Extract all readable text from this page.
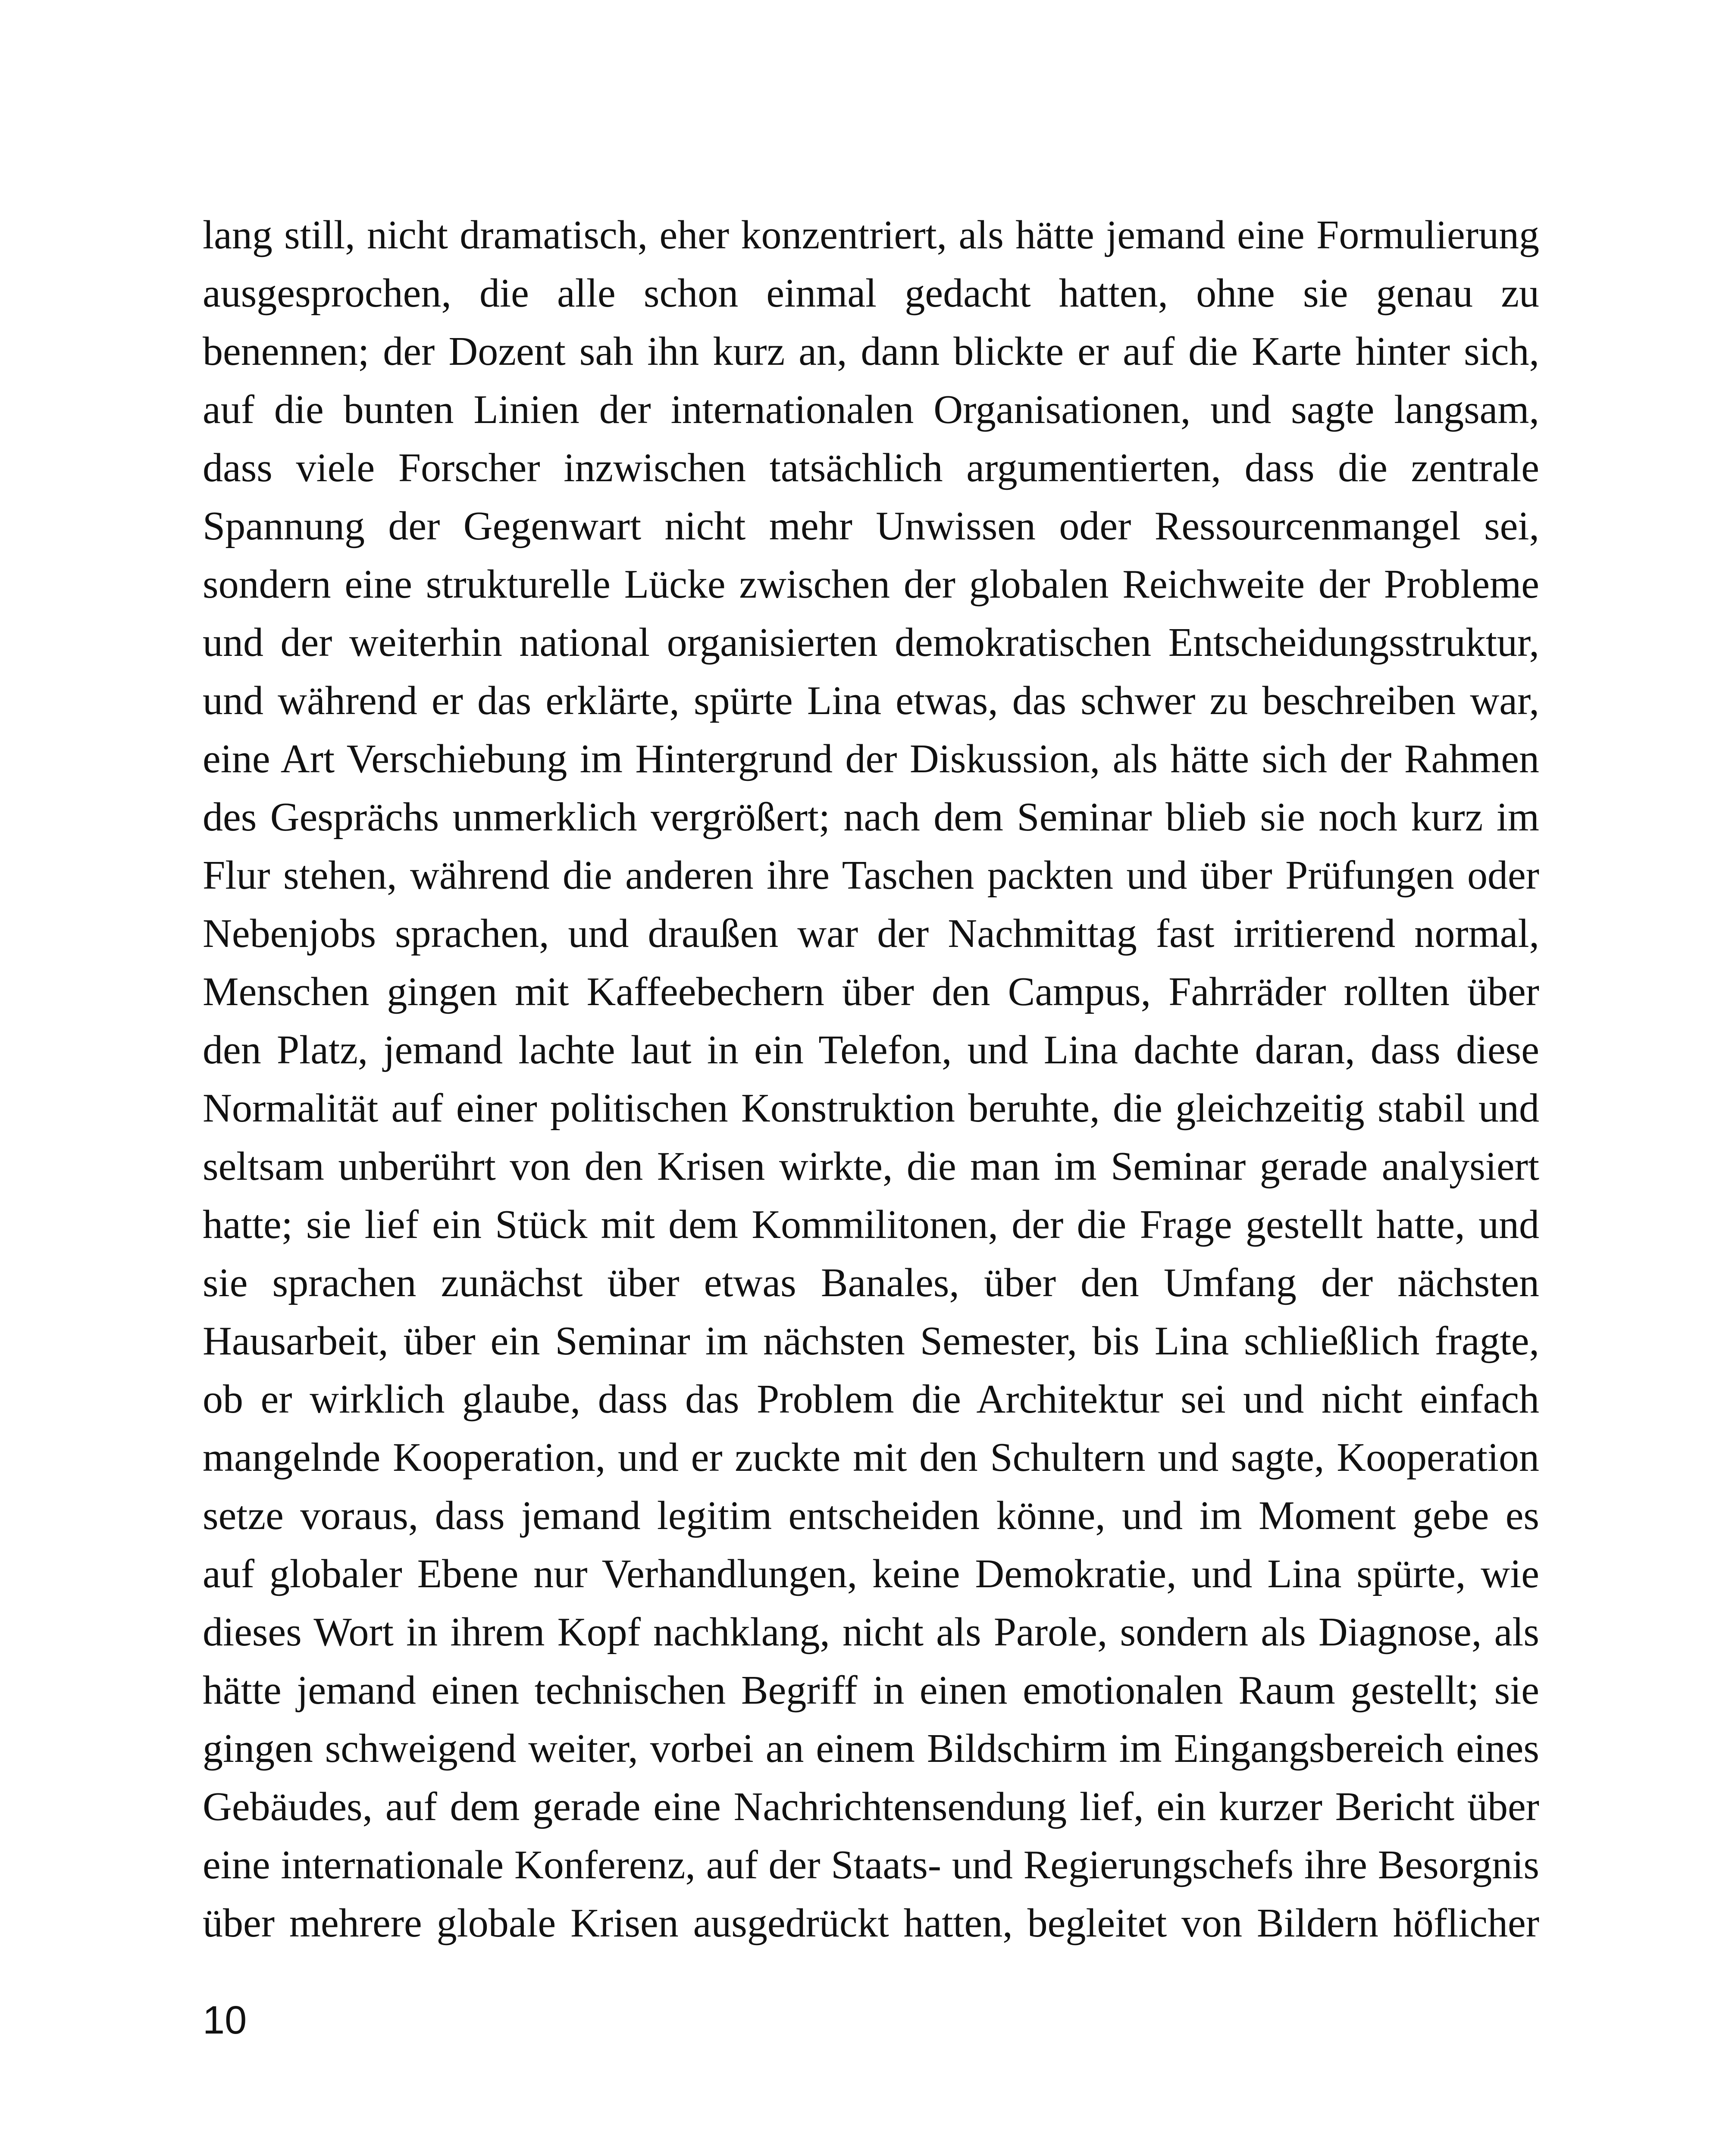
lang still, nicht dramatisch, eher konzentriert, als hätte jemand eine Formulierung
ausgesprochen, die alle schon einmal gedacht hatten, ohne sie genau zu
benennen; der Dozent sah ihn kurz an, dann blickte er auf die Karte hinter sich,
auf die bunten Linien der internationalen Organisationen, und sagte langsam,
dass viele Forscher inzwischen tatsächlich argumentierten, dass die zentrale
Spannung der Gegenwart nicht mehr Unwissen oder Ressourcenmangel sei,
sondern eine strukturelle Lücke zwischen der globalen Reichweite der Probleme
und der weiterhin national organisierten demokratischen Entscheidungsstruktur,
und während er das erklärte, spürte Lina etwas, das schwer zu beschreiben war,
eine Art Verschiebung im Hintergrund der Diskussion, als hätte sich der Rahmen
des Gesprächs unmerklich vergrößert; nach dem Seminar blieb sie noch kurz im
Flur stehen, während die anderen ihre Taschen packten und über Prüfungen oder
Nebenjobs sprachen, und draußen war der Nachmittag fast irritierend normal,
Menschen gingen mit Kaffeebechern über den Campus, Fahrräder rollten über
den Platz, jemand lachte laut in ein Telefon, und Lina dachte daran, dass diese
Normalität auf einer politischen Konstruktion beruhte, die gleichzeitig stabil und
seltsam unberührt von den Krisen wirkte, die man im Seminar gerade analysiert
hatte; sie lief ein Stück mit dem Kommilitonen, der die Frage gestellt hatte, und
sie sprachen zunächst über etwas Banales, über den Umfang der nächsten
Hausarbeit, über ein Seminar im nächsten Semester, bis Lina schließlich fragte,
ob er wirklich glaube, dass das Problem die Architektur sei und nicht einfach
mangelnde Kooperation, und er zuckte mit den Schultern und sagte, Kooperation
setze voraus, dass jemand legitim entscheiden könne, und im Moment gebe es
auf globaler Ebene nur Verhandlungen, keine Demokratie, und Lina spürte, wie
dieses Wort in ihrem Kopf nachklang, nicht als Parole, sondern als Diagnose, als
hätte jemand einen technischen Begriff in einen emotionalen Raum gestellt; sie
gingen schweigend weiter, vorbei an einem Bildschirm im Eingangsbereich eines
Gebäudes, auf dem gerade eine Nachrichtensendung lief, ein kurzer Bericht über
eine internationale Konferenz, auf der Staats- und Regierungschefs ihre Besorgnis
über mehrere globale Krisen ausgedrückt hatten, begleitet von Bildern höflicher
10
